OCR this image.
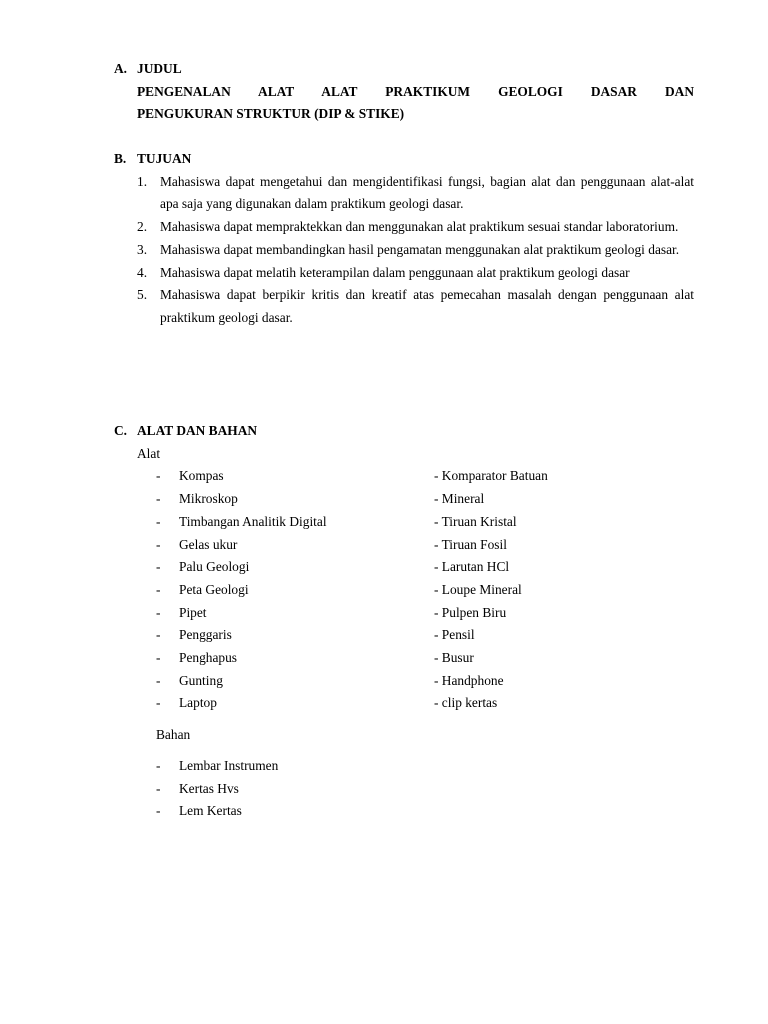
A. JUDUL
PENGENALAN ALAT ALAT PRAKTIKUM GEOLOGI DASAR DAN
PENGUKURAN STRUKTUR (DIP & STIKE)
B. TUJUAN
1. Mahasiswa dapat mengetahui dan mengidentifikasi fungsi, bagian alat dan penggunaan alat-alat apa saja yang digunakan dalam praktikum geologi dasar.
2. Mahasiswa dapat mempraktekkan dan menggunakan alat praktikum sesuai standar laboratorium.
3. Mahasiswa dapat membandingkan hasil pengamatan menggunakan alat praktikum geologi dasar.
4. Mahasiswa dapat melatih keterampilan dalam penggunaan alat praktikum geologi dasar
5. Mahasiswa dapat berpikir kritis dan kreatif atas pemecahan masalah dengan penggunaan alat praktikum geologi dasar.
C. ALAT DAN BAHAN
Alat
- Kompas	- Komparator Batuan
- Mikroskop	- Mineral
- Timbangan Analitik Digital	- Tiruan Kristal
- Gelas ukur	- Tiruan Fosil
- Palu Geologi	- Larutan HCl
- Peta Geologi	- Loupe Mineral
- Pipet	- Pulpen Biru
- Penggaris	- Pensil
- Penghapus	- Busur
- Gunting	- Handphone
- Laptop	- clip kertas
Bahan
- Lembar Instrumen
- Kertas Hvs
- Lem Kertas
